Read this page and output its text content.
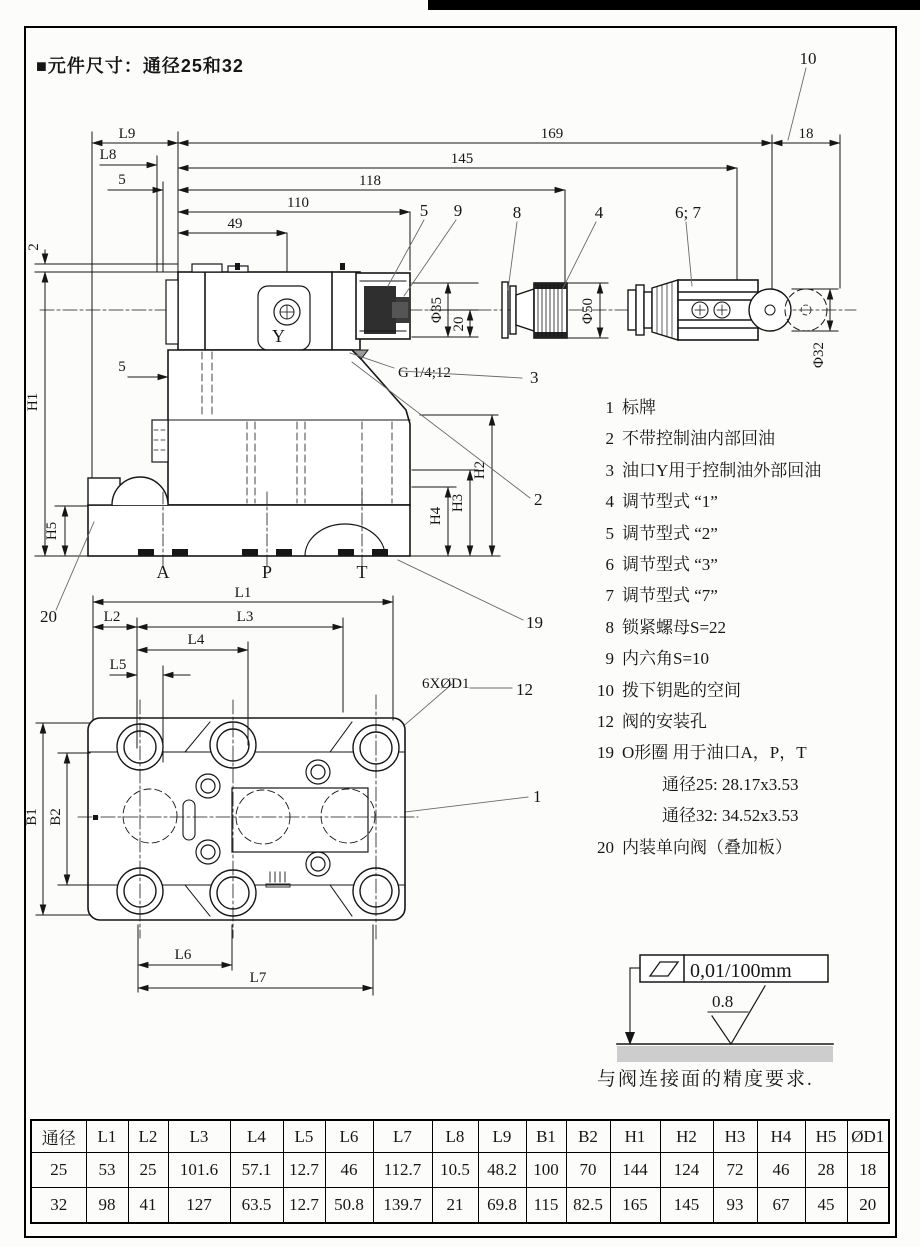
■元件尺寸：通径25和32
L9
L8
5
169	18
145
118
110
49
2
H1
H5
5
Φ35
20
G 1/4;12
H2
H3
H4
Φ50
Φ32
5 9	8	4	6; 7
10
3
2
19
20
1
12
A	P	T
Y
L1
L2	L3
L4
L5
B1 B2
L6
L7
6XØD1
0,01/100mm
0.8
1 标牌
2 不带控制油内部回油
3 油口Y用于控制油外部回油
4 调节型式 “1”
5 调节型式 “2”
6 调节型式 “3”
7 调节型式 “7”
8 锁紧螺母S=22
9 内六角S=10
10 拨下钥匙的空间
12 阀的安装孔
19 O形圈 用于油口A，P，T
通径25: 28.17x3.53
通径32: 34.52x3.53
20 内装单向阀（叠加板）
与阀连接面的精度要求.
通径	L1	L2	L3	L4	L5	L6	L7	L8	L9	B1	B2	H1	H2	H3	H4	H5	ØD1
25	53	25	101.6	57.1	12.7	46	112.7	10.5	48.2	100	70	144	124	72	46	28	18
32	98	41	127	63.5	12.7	50.8	139.7	21	69.8	115	82.5	165	145	93	67	45	20
